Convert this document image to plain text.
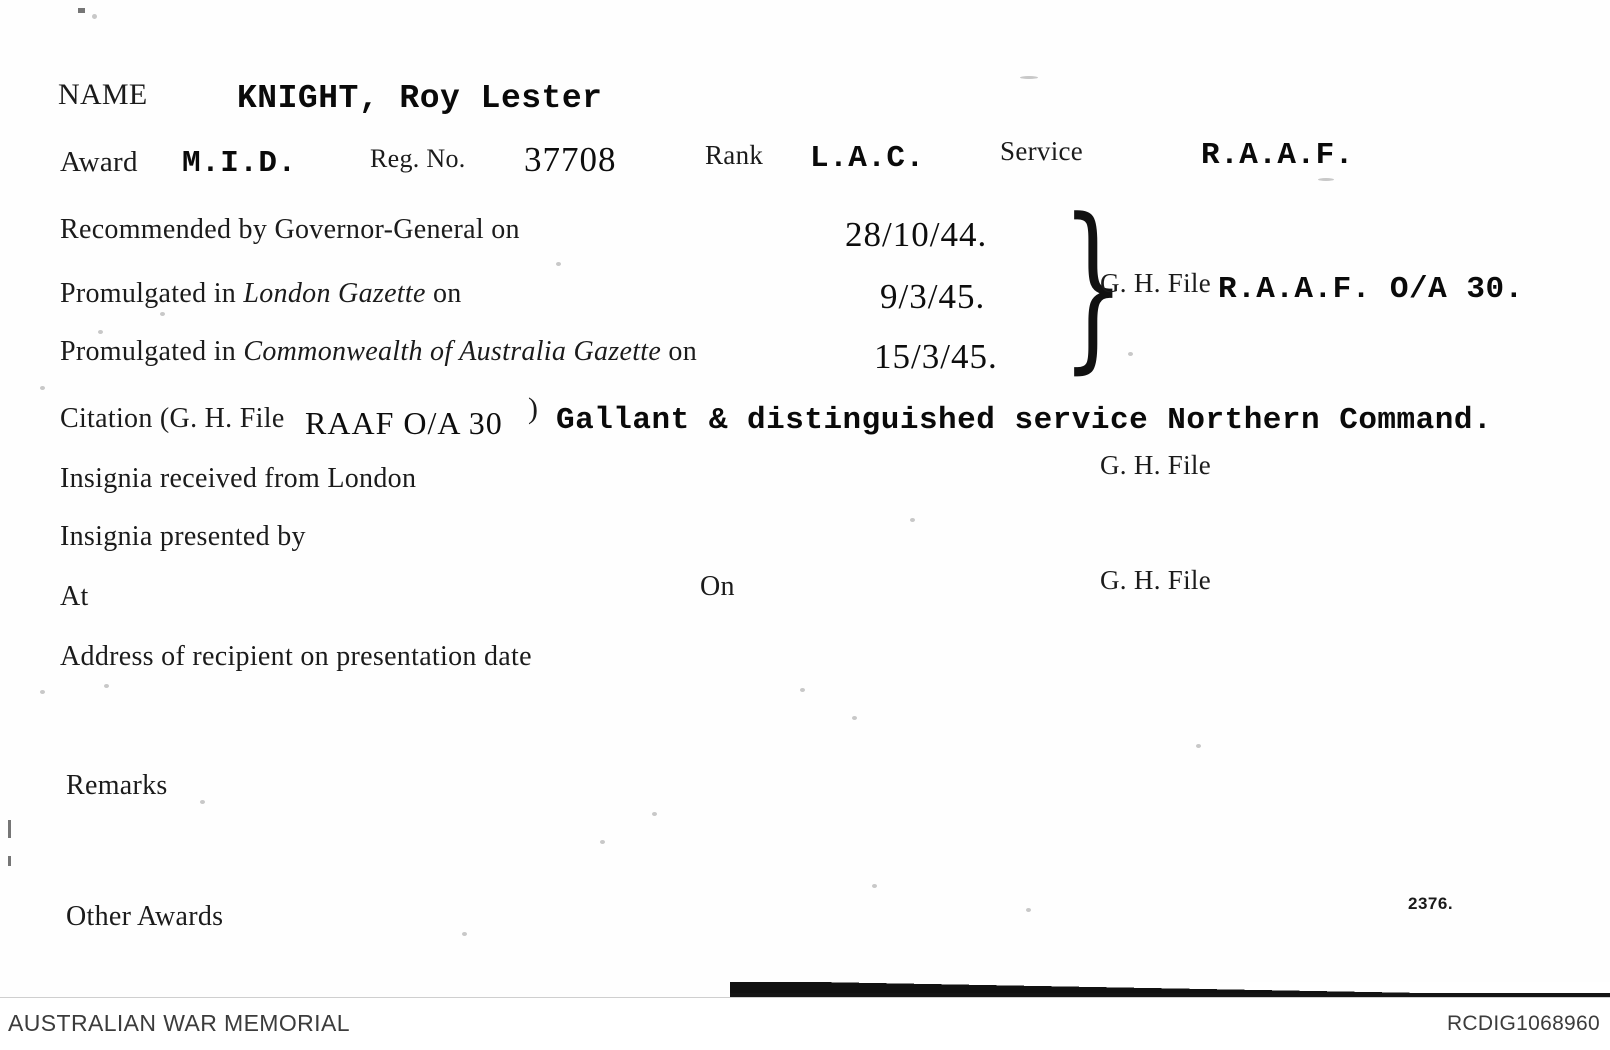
NAME	KNIGHT, Roy Lester
Award M.I.D.	Reg. No. 37708	Rank L.A.C.	Service	R.A.A.F.
Recommended by Governor-General on	28/10/44.
Promulgated in London Gazette on	9/3/45.
Promulgated in Commonwealth of Australia Gazette on	15/3/45. }
G. H. File R.A.A.F. O/A 30.
Citation (G. H. File RAAF O/A 30 ) Gallant & distinguished service Northern Command.
Insignia received from London	G. H. File
Insignia presented by
At	On	G. H. File
Address of recipient on presentation date
Remarks
Other Awards	2376.
AUSTRALIAN WAR MEMORIAL	RCDIG1068960
